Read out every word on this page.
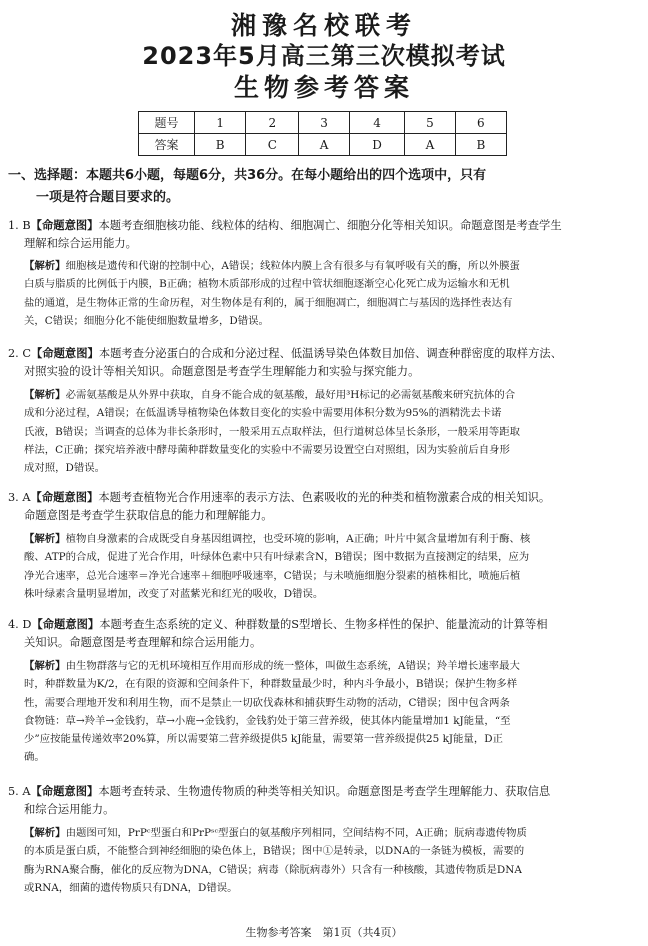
湘豫名校联考
2023年5月高三第三次模拟考试
生物参考答案
题号	1	2	3	4	5	6
答案	B	C	A	D	A	B
一、选择题：本题共6小题，每题6分，共36分。在每小题给出的四个选项中，只有
一项是符合题目要求的。
1. B【命题意图】本题考查细胞核功能、线粒体的结构、细胞凋亡、细胞分化等相关知识。命题意图是考查学生
理解和综合运用能力。
【解析】细胞核是遗传和代谢的控制中心，A错误；线粒体内膜上含有很多与有氧呼吸有关的酶，所以外膜蛋
白质与脂质的比例低于内膜，B正确；植物木质部形成的过程中管状细胞逐渐空心化死亡成为运输水和无机
盐的通道，是生物体正常的生命历程，对生物体是有利的，属于细胞凋亡，细胞凋亡与基因的选择性表达有
关，C错误；细胞分化不能使细胞数量增多，D错误。
2. C【命题意图】本题考查分泌蛋白的合成和分泌过程、低温诱导染色体数目加倍、调查种群密度的取样方法、
对照实验的设计等相关知识。命题意图是考查学生理解能力和实验与探究能力。
【解析】必需氨基酸是从外界中获取，自身不能合成的氨基酸，最好用³H标记的必需氨基酸来研究抗体的合
成和分泌过程，A错误；在低温诱导植物染色体数目变化的实验中需要用体积分数为95%的酒精洗去卡诺
氏液，B错误；当调查的总体为非长条形时，一般采用五点取样法，但行道树总体呈长条形，一般采用等距取
样法，C正确；探究培养液中酵母菌种群数量变化的实验中不需要另设置空白对照组，因为实验前后自身形
成对照，D错误。
3. A【命题意图】本题考查植物光合作用速率的表示方法、色素吸收的光的种类和植物激素合成的相关知识。
命题意图是考查学生获取信息的能力和理解能力。
【解析】植物自身激素的合成既受自身基因组调控，也受环境的影响，A正确；叶片中氮含量增加有利于酶、核
酸、ATP的合成，促进了光合作用，叶绿体色素中只有叶绿素含N，B错误；图中数据为直接测定的结果，应为
净光合速率，总光合速率＝净光合速率＋细胞呼吸速率，C错误；与未喷施细胞分裂素的植株相比，喷施后植
株叶绿素含量明显增加，改变了对蓝紫光和红光的吸收，D错误。
4. D【命题意图】本题考查生态系统的定义、种群数量的S型增长、生物多样性的保护、能量流动的计算等相
关知识。命题意图是考查理解和综合运用能力。
【解析】由生物群落与它的无机环境相互作用而形成的统一整体，叫做生态系统，A错误；羚羊增长速率最大
时，种群数量为K/2，在有限的资源和空间条件下，种群数量最少时，种内斗争最小，B错误；保护生物多样
性，需要合理地开发和利用生物，而不是禁止一切砍伐森林和捕获野生动物的活动，C错误；图中包含两条
食物链：草→羚羊→金钱豹，草→小鹿→金钱豹，金钱豹处于第三营养级，使其体内能量增加1 kJ能量，“至
少”应按能量传递效率20%算，所以需要第二营养级提供5 kJ能量，需要第一营养级提供25 kJ能量，D正
确。
5. A【命题意图】本题考查转录、生物遗传物质的种类等相关知识。命题意图是考查学生理解能力、获取信息
和综合运用能力。
【解析】由题图可知，PrPᶜ型蛋白和PrPˢᶜ型蛋白的氨基酸序列相同，空间结构不同，A正确；朊病毒遗传物质
的本质是蛋白质，不能整合到神经细胞的染色体上，B错误；图中①是转录，以DNA的一条链为模板，需要的
酶为RNA聚合酶，催化的反应物为DNA，C错误；病毒（除朊病毒外）只含有一种核酸，其遗传物质是DNA
或RNA，细菌的遗传物质只有DNA，D错误。
生物参考答案　第1页（共4页）
